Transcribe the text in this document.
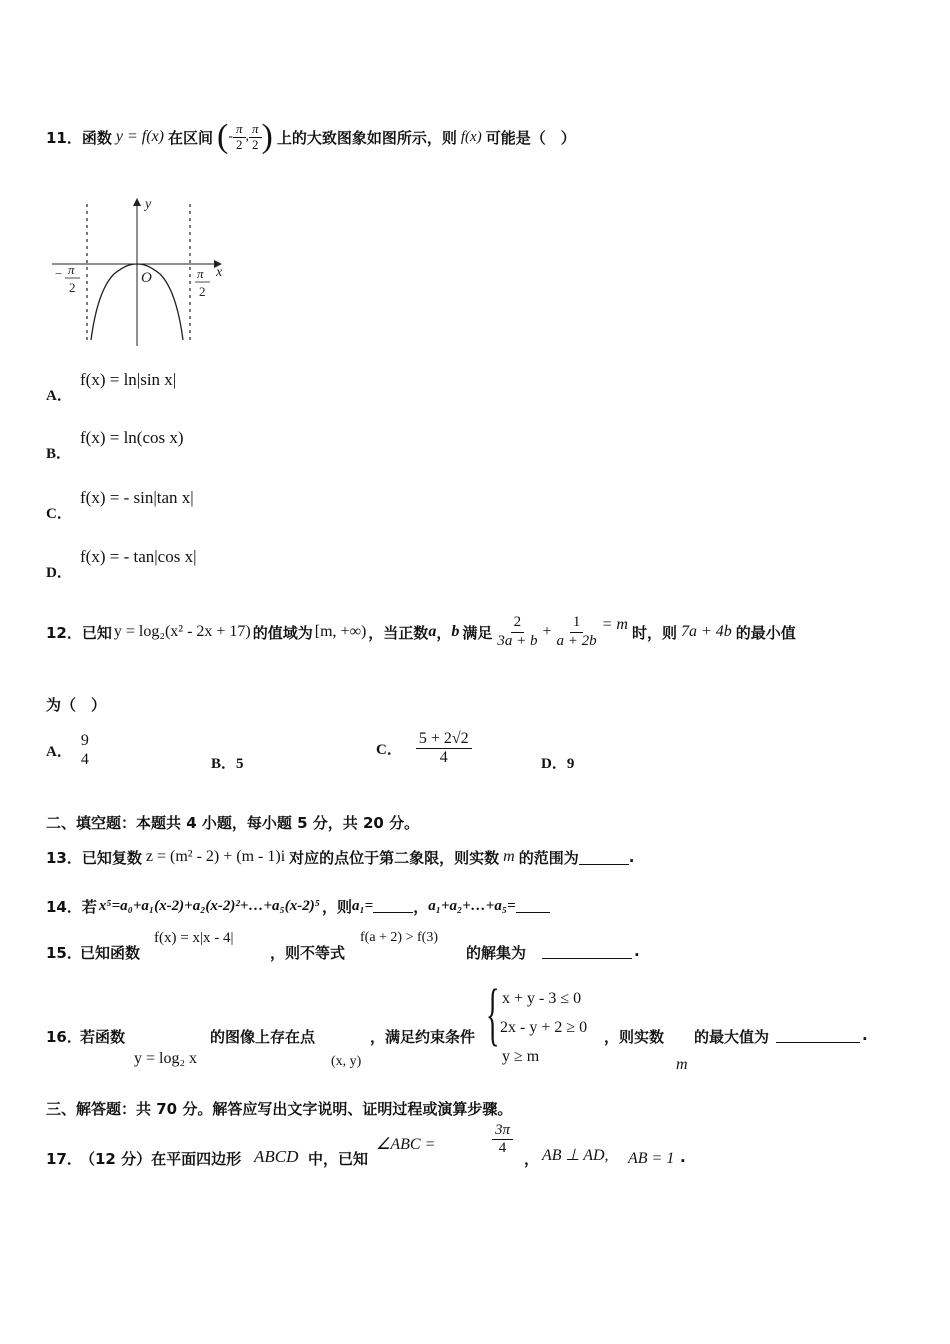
11． 函数 y = f(x) 在区间 ( - $\frac{\pi}{2}$ , $\frac{\pi}{2}$ ) 上的大致图象如图所示，则 f(x) 可能是（　）
y
x
O
− π
2
π
2
A．
f(x) = ln|sin x|
B．
f(x) = ln(cos x)
C．
f(x) = - sin|tan x|
D．
f(x) = - tan|cos x|
12． 已知 y = log₂(x² - 2x + 17) 的值域为 [m, +∞) ，当正数 a ， b 满足 $\frac{2}{3a + b} + \frac{1}{a + 2b} = m$ 时，则 7a + 4b 的最小值
为（　）
A． $\frac{9}{4}$	B．5
C． $\frac{5 + 2√2}{4}$	D．9
二、填空题：本题共 4 小题，每小题 5 分，共 20 分。
13． 已知复数 z = (m² - 2) + (m - 1)i 对应的点位于第二象限，则实数 m 的范围为	.
14． 若 x⁵=a₀+a₁(x-2)+a₂(x-2)²+…+a₅(x-2)⁵ ，则 a₁=	， a₁+a₂+…+a₅=
15．
已知函数
f(x) = x|x - 4|
，则不等式
f(a + 2) > f(3)
的解集为	.
16．
若函数
y = log₂ x
的图像上存在点
(x, y)
，满足约束条件 { x + y - 3 ≤ 0
2x - y + 2 ≥ 0
y ≥ m
，则实数
m
的最大值为	.
三、解答题：共 70 分。解答应写出文字说明、证明过程或演算步骤。
17．
（12 分）在平面四边形 ABCD 中，已知
∠ABC =	$\frac{3\pi}{4}$
， AB ⊥ AD, AB = 1 .
